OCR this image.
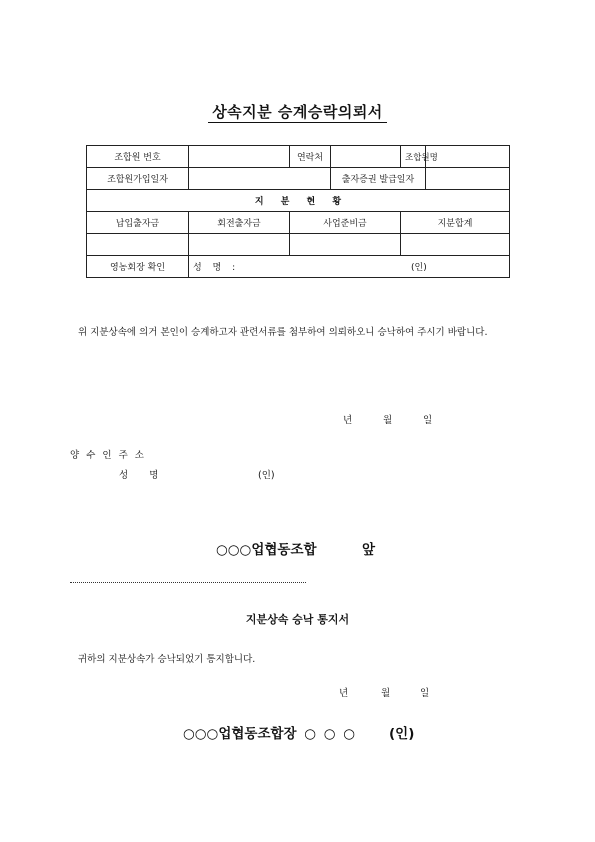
상속지분 승계승락의뢰서
조합원 번호		연락처		조합원명	
조합원가입일자			출자증권 발급일자		
지 분 현 황					
납입출자금	회전출자금	사업준비금		지분합계	

영농회장 확인	성 명 : (인)				
위 지분상속에 의거 본인이 승계하고자 관련서류를 첨부하여 의뢰하오니 승낙하여 주시기 바랍니다.
년	월	일
양 수 인 주 소
성 명	(인)
○○○업협동조합	앞
지분상속 승낙 통지서
귀하의 지분상속가 승낙되었기 통지합니다.
년	월	일
○○○업협동조합장 ○ ○ ○	(인)
